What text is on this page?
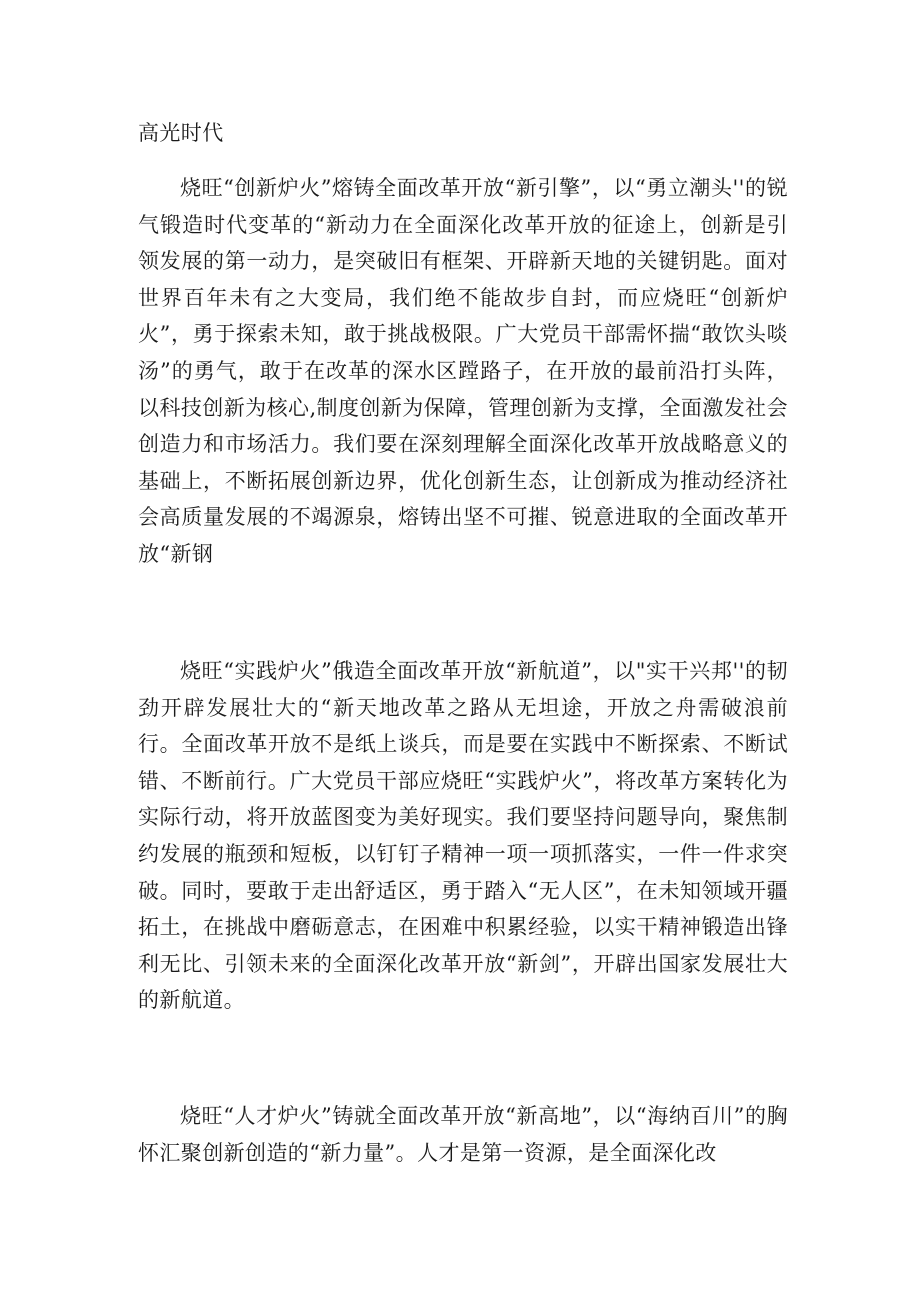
高光时代

烧旺“创新炉火”熔铸全面改革开放“新引擎”，以“勇立潮头''的锐气锻造时代变革的“新动力在全面深化改革开放的征途上，创新是引领发展的第一动力，是突破旧有框架、开辟新天地的关键钥匙。面对世界百年未有之大变局，我们绝不能故步自封，而应烧旺“创新炉火”，勇于探索未知，敢于挑战极限。广大党员干部需怀揣“敢饮头啖汤”的勇气，敢于在改革的深水区蹚路子，在开放的最前沿打头阵，以科技创新为核心,制度创新为保障，管理创新为支撑，全面激发社会创造力和市场活力。我们要在深刻理解全面深化改革开放战略意义的基础上，不断拓展创新边界，优化创新生态，让创新成为推动经济社会高质量发展的不竭源泉，熔铸出坚不可摧、锐意进取的全面改革开放“新钢

烧旺“实践炉火”俄造全面改革开放“新航道”，以"实干兴邦''的韧劲开辟发展壮大的“新天地改革之路从无坦途，开放之舟需破浪前行。全面改革开放不是纸上谈兵，而是要在实践中不断探索、不断试错、不断前行。广大党员干部应烧旺“实践炉火”，将改革方案转化为实际行动，将开放蓝图变为美好现实。我们要坚持问题导向，聚焦制约发展的瓶颈和短板，以钉钉子精神一项一项抓落实，一件一件求突破。同时，要敢于走出舒适区，勇于踏入“无人区”，在未知领域开疆拓土，在挑战中磨砺意志，在困难中积累经验，以实干精神锻造出锋利无比、引领未来的全面深化改革开放“新剑”，开辟出国家发展壮大的新航道。

烧旺“人才炉火”铸就全面改革开放“新高地”，以“海纳百川”的胸怀汇聚创新创造的“新力量”。人才是第一资源，是全面深化改
